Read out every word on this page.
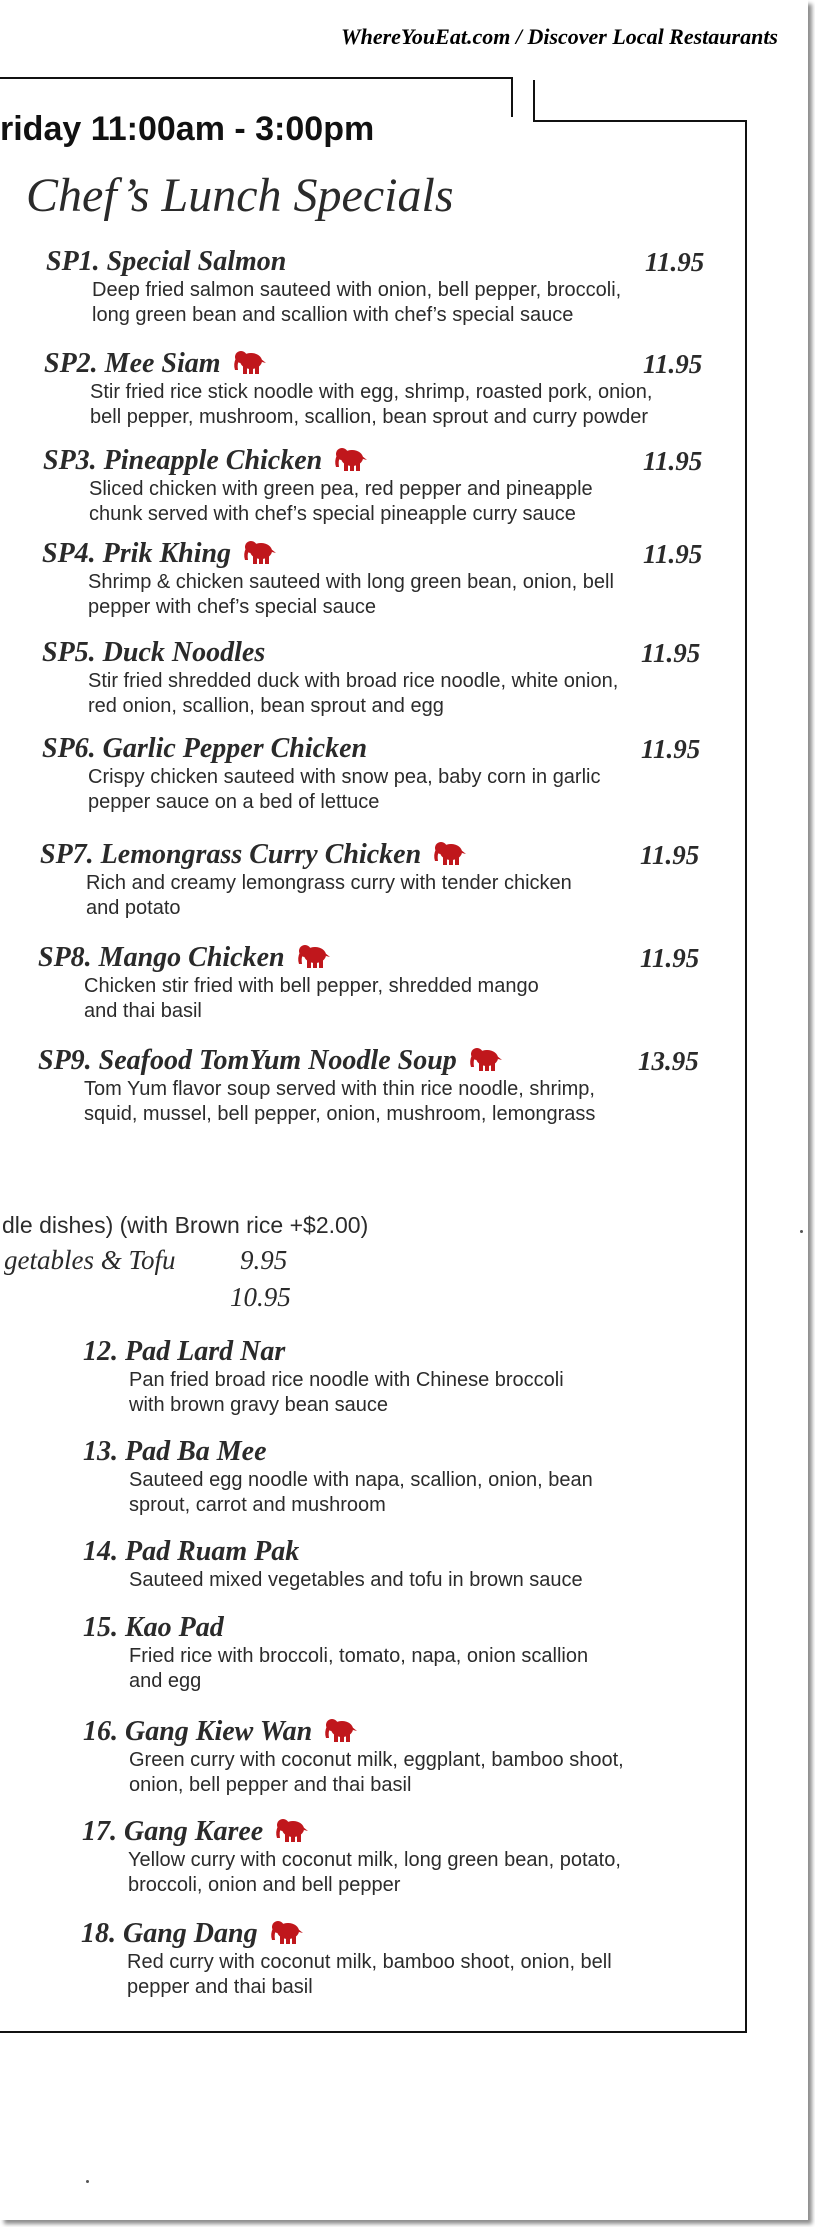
WhereYouEat.com / Discover Local Restaurants
riday 11:00am - 3:00pm
Chef’s Lunch Specials
SP1. Special Salmon	11.95
Deep fried salmon sauteed with onion, bell pepper, broccoli,
long green bean and scallion with chef’s special sauce
SP2. Mee Siam	11.95
Stir fried rice stick noodle with egg, shrimp, roasted pork, onion,
bell pepper, mushroom, scallion, bean sprout and curry powder
SP3. Pineapple Chicken	11.95
Sliced chicken with green pea, red pepper and pineapple
chunk served with chef’s special pineapple curry sauce
SP4. Prik Khing	11.95
Shrimp & chicken sauteed with long green bean, onion, bell
pepper with chef’s special sauce
SP5. Duck Noodles	11.95
Stir fried shredded duck with broad rice noodle, white onion,
red onion, scallion, bean sprout and egg
SP6. Garlic Pepper Chicken	11.95
Crispy chicken sauteed with snow pea, baby corn in garlic
pepper sauce on a bed of lettuce
SP7. Lemongrass Curry Chicken	11.95
Rich and creamy lemongrass curry with tender chicken
and potato
SP8. Mango Chicken	11.95
Chicken stir fried with bell pepper, shredded mango
and thai basil
SP9. Seafood TomYum Noodle Soup	13.95
Tom Yum flavor soup served with thin rice noodle, shrimp,
squid, mussel, bell pepper, onion, mushroom, lemongrass
dle dishes) (with Brown rice +$2.00)
getables & Tofu 9.95
10.95
12. Pad Lard Nar
Pan fried broad rice noodle with Chinese broccoli
with brown gravy bean sauce
13. Pad Ba Mee
Sauteed egg noodle with napa, scallion, onion, bean
sprout, carrot and mushroom
14. Pad Ruam Pak
Sauteed mixed vegetables and tofu in brown sauce
15. Kao Pad
Fried rice with broccoli, tomato, napa, onion scallion
and egg
16. Gang Kiew Wan
Green curry with coconut milk, eggplant, bamboo shoot,
onion, bell pepper and thai basil
17. Gang Karee
Yellow curry with coconut milk, long green bean, potato,
broccoli, onion and bell pepper
18. Gang Dang
Red curry with coconut milk, bamboo shoot, onion, bell
pepper and thai basil
